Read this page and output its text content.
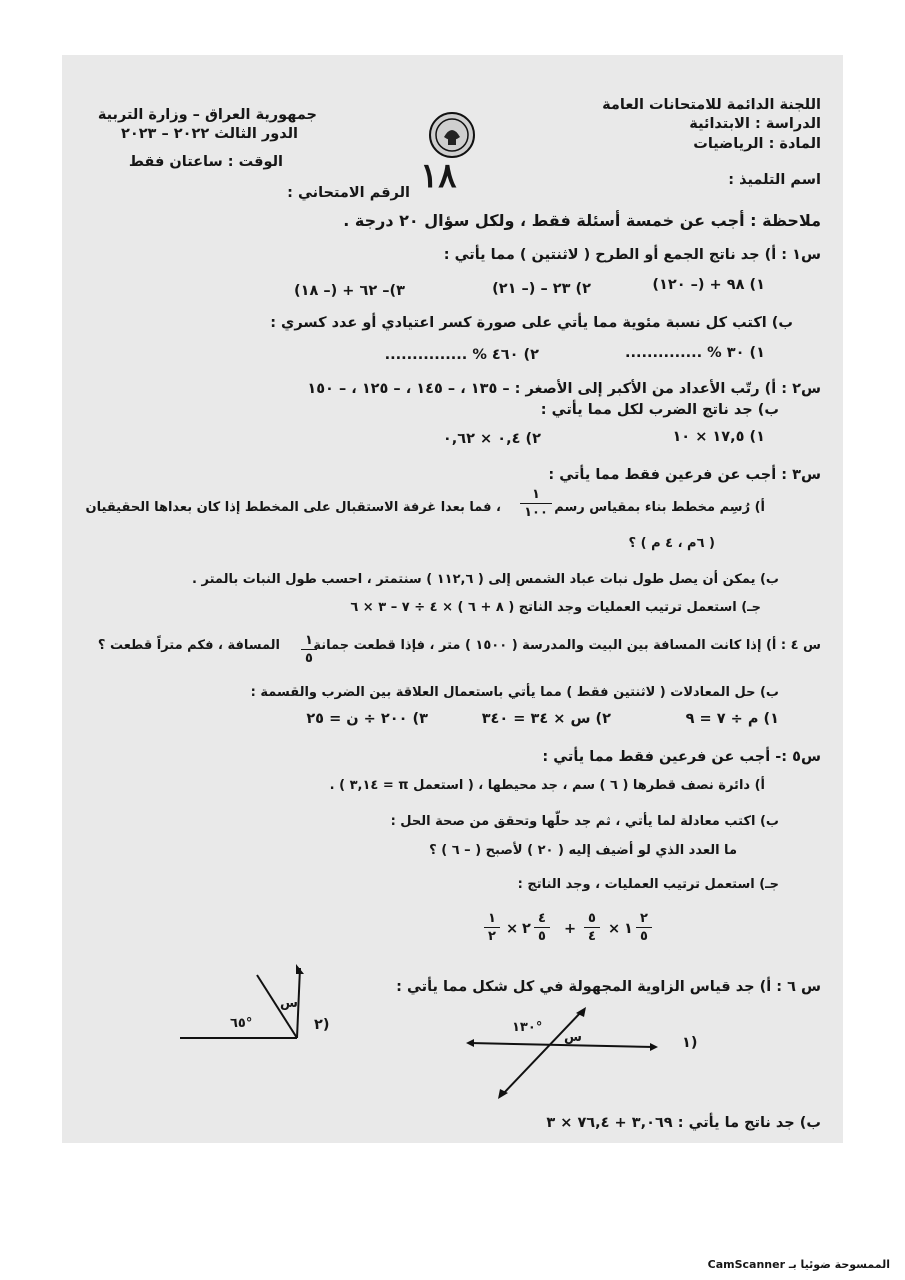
اللجنة الدائمة للامتحانات العامة
الدراسة : الابتدائية
المادة : الرياضيات
اسم التلميذ :
جمهورية العراق – وزارة التربية
الدور الثالث ٢٠٢٢ – ٢٠٢٣
الوقت : ساعتان فقط	١٨
الرقم الامتحاني :
ملاحظة : أجب عن خمسة أسئلة فقط ، ولكل سؤال ٢٠ درجة .
س١ : أ) جد ناتج الجمع أو الطرح ( لاثنتين ) مما يأتي :
١) ٩٨ + (– ١٢٠)
٢) ٢٣ – (– ٢١)
٣)– ٦٢ + (– ١٨)
ب) اكتب كل نسبة مئوية مما يأتي على صورة كسر اعتيادي أو عدد كسري :
١) ٣٠ % ..............
٢) ٤٦٠ % ...............
س٢ : أ) رتّب الأعداد من الأكبر إلى الأصغر : – ١٣٥ ، – ١٤٥ ، – ١٢٥ ، – ١٥٠
ب) جد ناتج الضرب لكل مما يأتي :
١) ١٧,٥ × ١٠
٢) ٠,٤ × ٠,٦٢
س٣ : أجب عن فرعين فقط مما يأتي :
أ) رُسِم مخطط بناء بمقياس رسم
١
١٠٠
، فما بعدا غرفة الاستقبال على المخطط إذا كان بعداها الحقيقيان
( ٦م ، ٤ م ) ؟
ب) يمكن أن يصل طول نبات عباد الشمس إلى ( ١١٢,٦ ) سنتمتر ، احسب طول النبات بالمتر .
جـ) استعمل ترتيب العمليات وجد الناتج ( ٨ + ٦ ) × ٤ ÷ ٧ – ٣ × ٦
س ٤ : أ) إذا كانت المسافة بين البيت والمدرسة ( ١٥٠٠ ) متر ، فإذا قطعت جمانة
١
٥
المسافة ، فكم متراً قطعت ؟
ب) حل المعادلات ( لاثنتين فقط ) مما يأتي باستعمال العلاقة بين الضرب والقسمة :
١) م ÷ ٧ = ٩
٢) س × ٣٤ = ٣٤٠
٣) ٢٠٠ ÷ ن = ٢٥
س٥ :- أجب عن فرعين فقط مما يأتي :
أ) دائرة نصف قطرها ( ٦ ) سم ، جد محيطها ، ( استعمل π = ٣,١٤ ) .
ب) اكتب معادلة لما يأتي ، ثم جد حلّها وتحقق من صحة الحل :
ما العدد الذي لو أضيف إليه ( ٢٠ ) لأصبح ( – ٦ ) ؟
جـ) استعمل ترتيب العمليات ، وجد الناتج :
١
٢ × ٢
٤
٥ +
٥
٤ × ١
٢
٥
س ٦ : أ) جد قياس الزاوية المجهولة في كل شكل مما يأتي :
٢)
٦٥°
س
١)
١٣٠°
س
ب) جد ناتج ما يأتي : ٣,٠٦٩ + ٧٦,٤ × ٣
الممسوحة ضوئيا بـ CamScanner
